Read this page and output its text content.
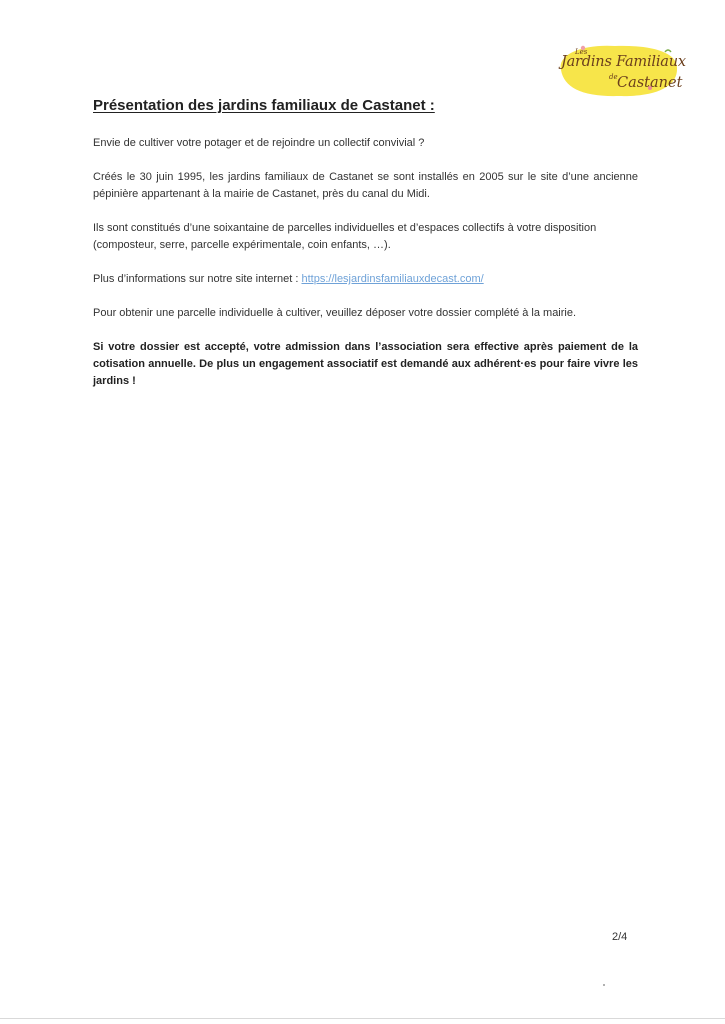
Les
Jardins Familiaux
de Castanet
Présentation des jardins familiaux de Castanet :

Envie de cultiver votre potager et de rejoindre un collectif convivial ?

Créés le 30 juin 1995, les jardins familiaux de Castanet se sont installés en 2005 sur le site d’une ancienne pépinière appartenant à la mairie de Castanet, près du canal du Midi.

Ils sont constitués d’une soixantaine de parcelles individuelles et d’espaces collectifs à votre disposition (composteur, serre, parcelle expérimentale, coin enfants, …).

Plus d’informations sur notre site internet : https://lesjardinsfamiliauxdecast.com/

Pour obtenir une parcelle individuelle à cultiver, veuillez déposer votre dossier complété à la mairie.

Si votre dossier est accepté, votre admission dans l’association sera effective après paiement de la cotisation annuelle. De plus un engagement associatif est demandé aux adhérent·es pour faire vivre les jardins !

2/4
